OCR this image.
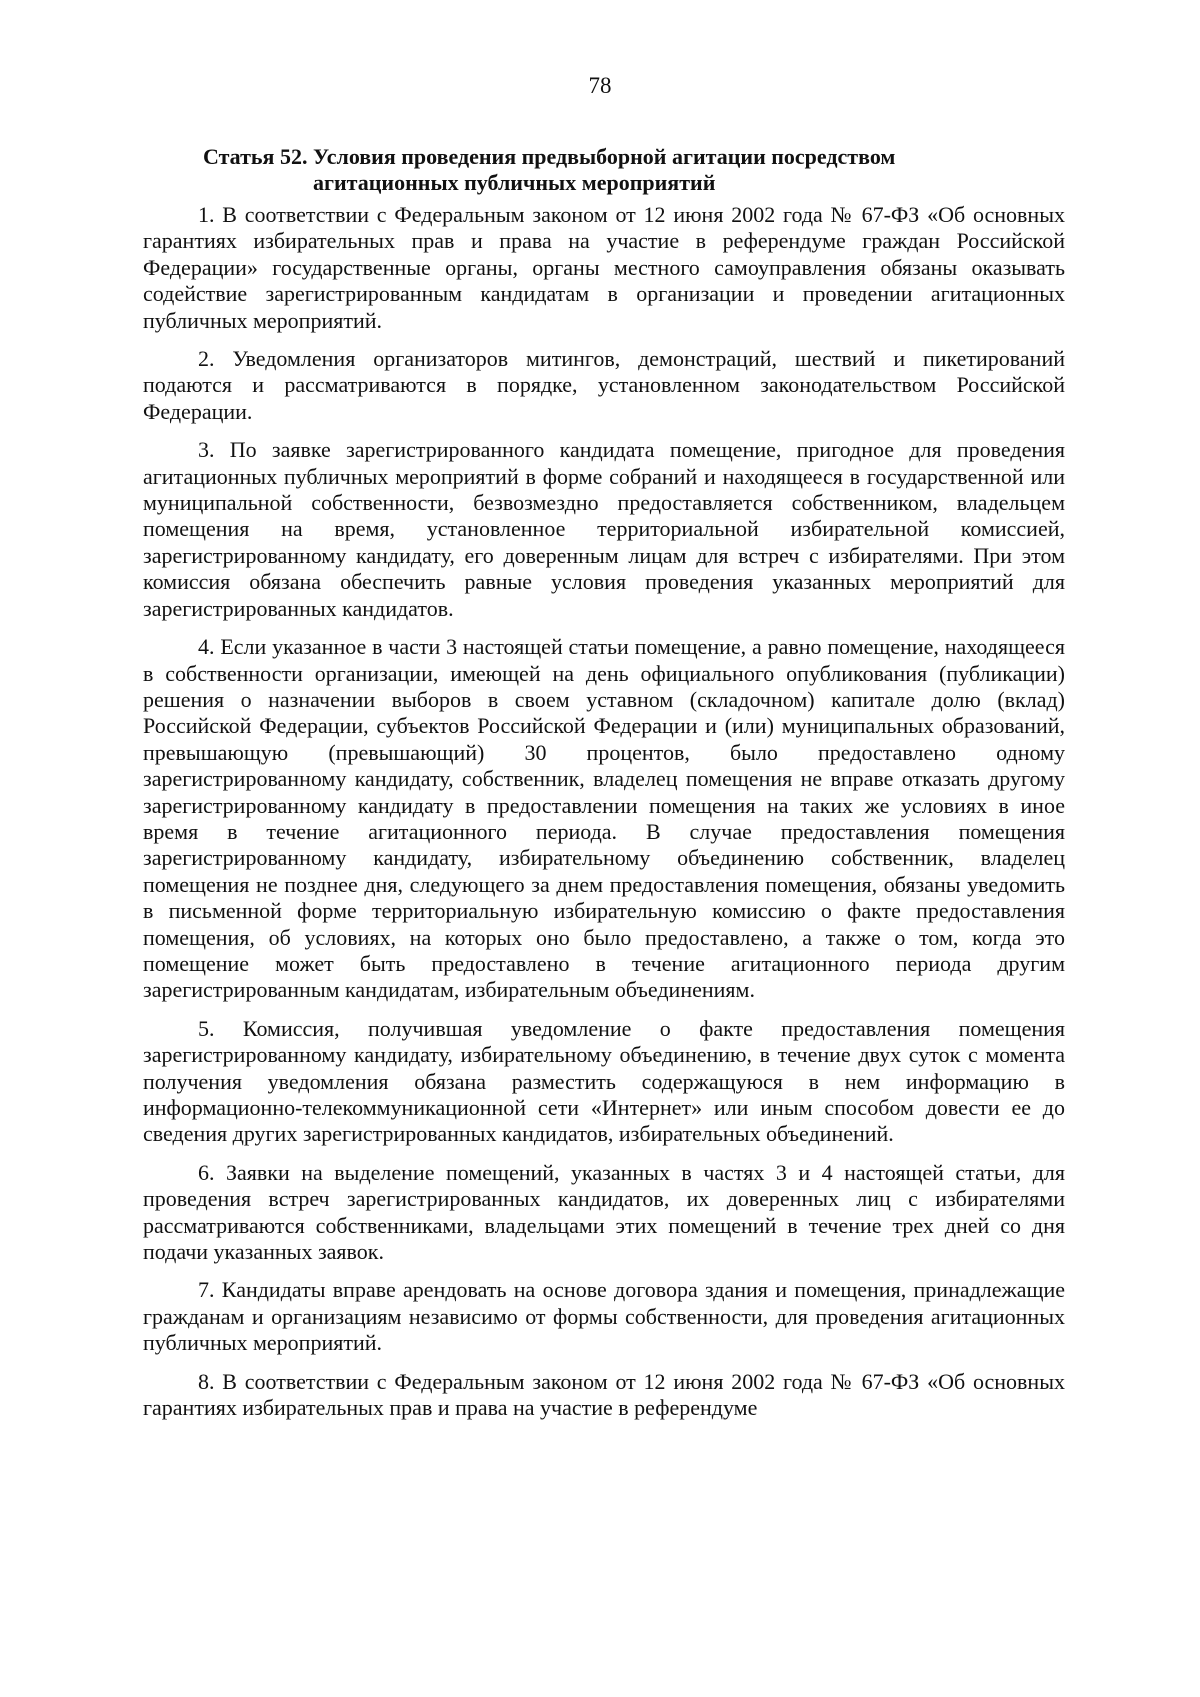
78
Статья 52. Условия проведения предвыборной агитации посредством
агитационных публичных мероприятий

1. В соответствии с Федеральным законом от 12 июня 2002 года № 67-ФЗ «Об основных гарантиях избирательных прав и права на участие в референдуме граждан Российской Федерации» государственные органы, органы местного самоуправления обязаны оказывать содействие зарегистрированным кандидатам в организации и проведении агитационных публичных мероприятий.

2. Уведомления организаторов митингов, демонстраций, шествий и пикетирований подаются и рассматриваются в порядке, установленном законодательством Российской Федерации.

3. По заявке зарегистрированного кандидата помещение, пригодное для проведения агитационных публичных мероприятий в форме собраний и находящееся в государственной или муниципальной собственности, безвозмездно предоставляется собственником, владельцем помещения на время, установленное территориальной избирательной комиссией, зарегистрированному кандидату, его доверенным лицам для встреч с избирателями. При этом комиссия обязана обеспечить равные условия проведения указанных мероприятий для зарегистрированных кандидатов.

4. Если указанное в части 3 настоящей статьи помещение, а равно помещение, находящееся в собственности организации, имеющей на день официального опубликования (публикации) решения о назначении выборов в своем уставном (складочном) капитале долю (вклад) Российской Федерации, субъектов Российской Федерации и (или) муниципальных образований, превышающую (превышающий) 30 процентов, было предоставлено одному зарегистрированному кандидату, собственник, владелец помещения не вправе отказать другому зарегистрированному кандидату в предоставлении помещения на таких же условиях в иное время в течение агитационного периода. В случае предоставления помещения зарегистрированному кандидату, избирательному объединению собственник, владелец помещения не позднее дня, следующего за днем предоставления помещения, обязаны уведомить в письменной форме территориальную избирательную комиссию о факте предоставления помещения, об условиях, на которых оно было предоставлено, а также о том, когда это помещение может быть предоставлено в течение агитационного периода другим зарегистрированным кандидатам, избирательным объединениям.

5. Комиссия, получившая уведомление о факте предоставления помещения зарегистрированному кандидату, избирательному объединению, в течение двух суток с момента получения уведомления обязана разместить содержащуюся в нем информацию в информационно-телекоммуникационной сети «Интернет» или иным способом довести ее до сведения других зарегистрированных кандидатов, избирательных объединений.

6. Заявки на выделение помещений, указанных в частях 3 и 4 настоящей статьи, для проведения встреч зарегистрированных кандидатов, их доверенных лиц с избирателями рассматриваются собственниками, владельцами этих помещений в течение трех дней со дня подачи указанных заявок.

7. Кандидаты вправе арендовать на основе договора здания и помещения, принадлежащие гражданам и организациям независимо от формы собственности, для проведения агитационных публичных мероприятий.

8. В соответствии с Федеральным законом от 12 июня 2002 года № 67-ФЗ «Об основных гарантиях избирательных прав и права на участие в референдуме
